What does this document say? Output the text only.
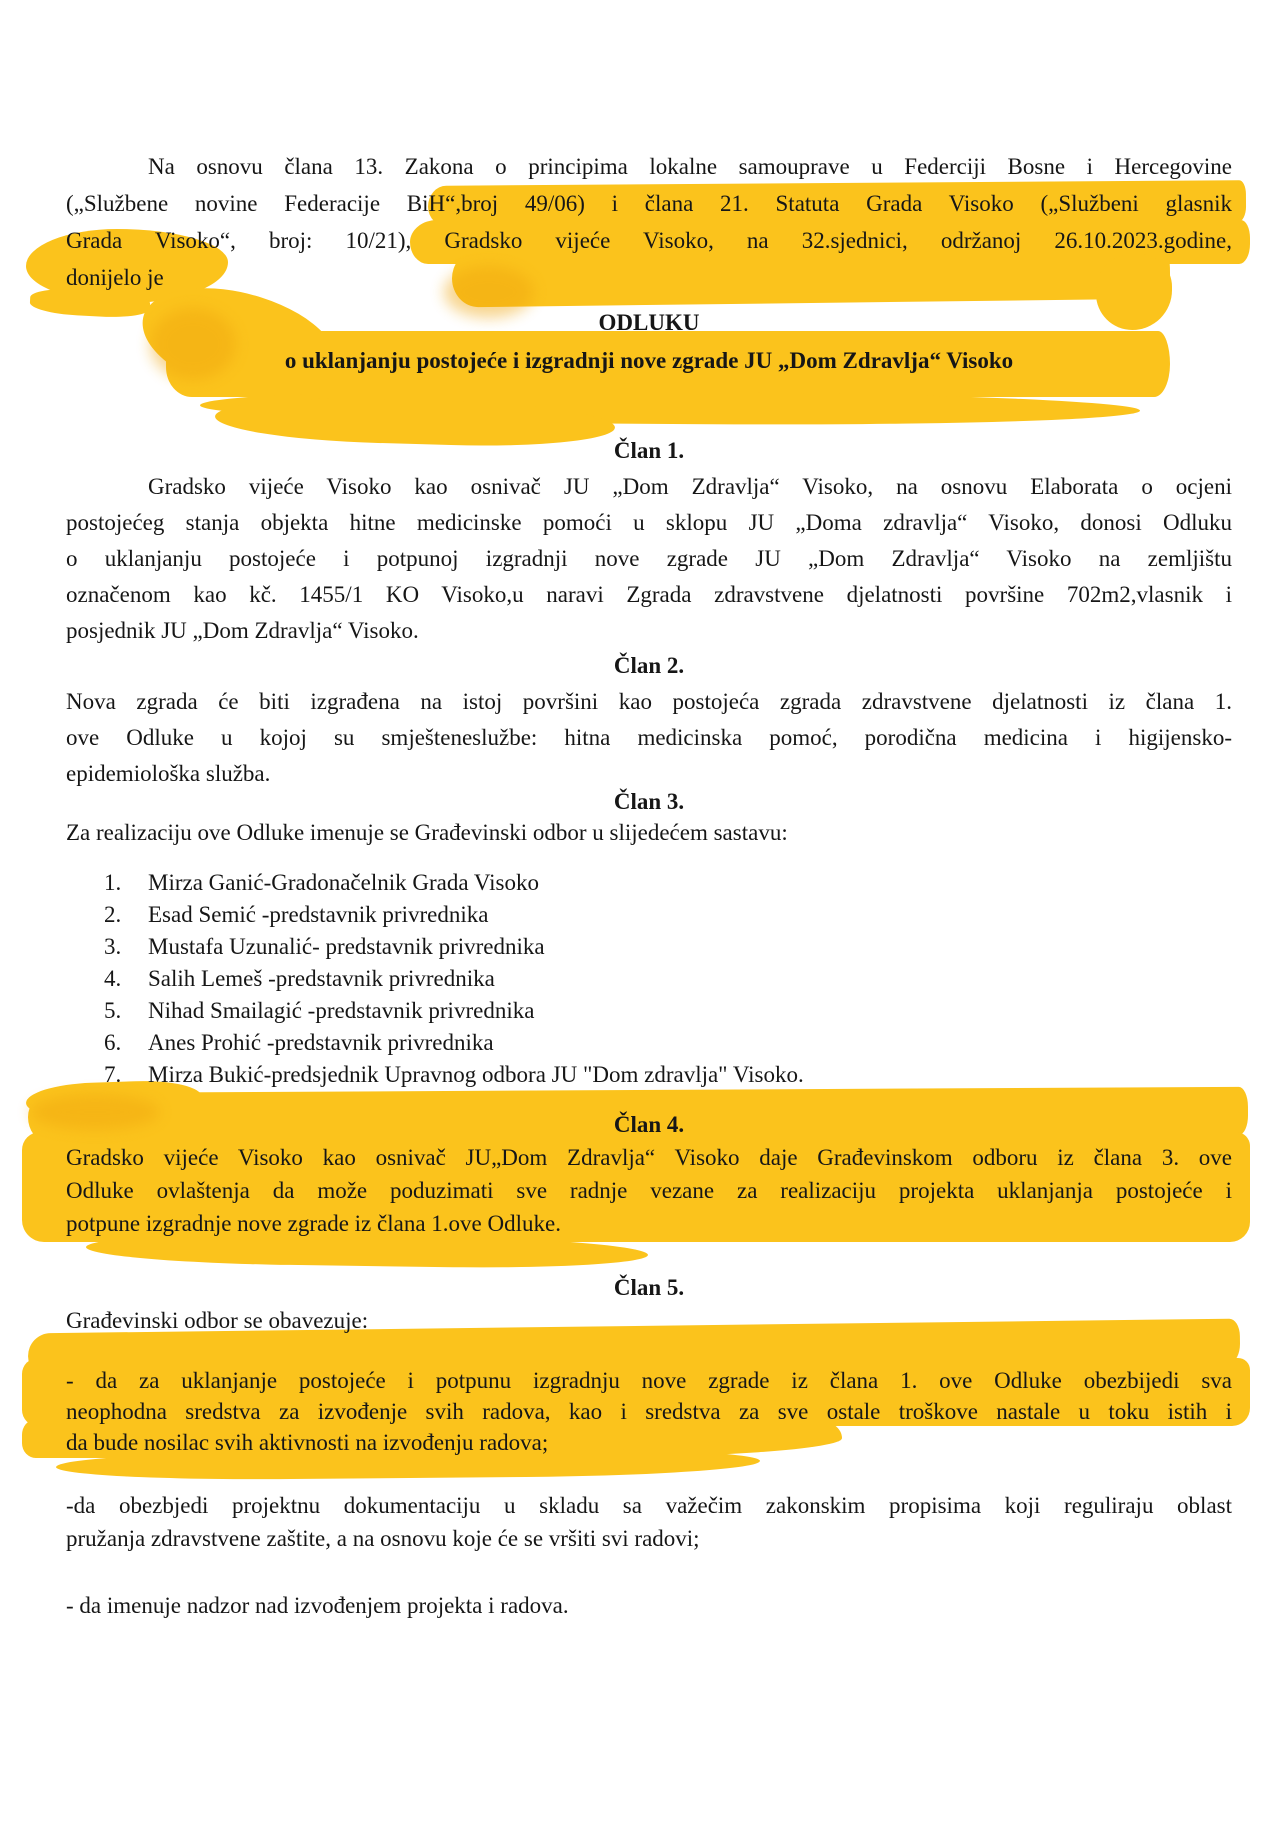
Na osnovu člana 13. Zakona o principima lokalne samouprave u Federciji Bosne i Hercegovine

(„Službene novine Federacije BiH“,broj 49/06) i člana 21. Statuta Grada Visoko („Službeni glasnik

Grada Visoko“, broj: 10/21), Gradsko vijeće Visoko, na 32.sjednici, održanoj 26.10.2023.godine,

donijelo je

ODLUKU

o uklanjanju postojeće i izgradnji nove zgrade JU „Dom Zdravlja“ Visoko

Član 1.

Gradsko vijeće Visoko kao osnivač JU „Dom Zdravlja“ Visoko, na osnovu Elaborata o ocjeni

postojećeg stanja objekta hitne medicinske pomoći u sklopu JU „Doma zdravlja“ Visoko, donosi Odluku

o uklanjanju postojeće i potpunoj izgradnji nove zgrade JU „Dom Zdravlja“ Visoko na zemljištu

označenom kao kč. 1455/1 KO Visoko,u naravi Zgrada zdravstvene djelatnosti površine 702m2,vlasnik i

posjednik JU „Dom Zdravlja“ Visoko.

Član 2.

Nova zgrada će biti izgrađena na istoj površini kao postojeća zgrada zdravstvene djelatnosti iz člana 1.

ove Odluke u kojoj su smješteneslužbe: hitna medicinska pomoć, porodična medicina i higijensko-

epidemiološka služba.

Član 3.

Za realizaciju ove Odluke imenuje se Građevinski odbor u slijedećem sastavu:

1. Mirza Ganić-Gradonačelnik Grada Visoko

2. Esad Semić -predstavnik privrednika

3. Mustafa Uzunalić- predstavnik privrednika

4. Salih Lemeš -predstavnik privrednika

5. Nihad Smailagić -predstavnik privrednika

6. Anes Prohić -predstavnik privrednika

7. Mirza Bukić-predsjednik Upravnog odbora JU "Dom zdravlja" Visoko.

Član 4.

Gradsko vijeće Visoko kao osnivač JU„Dom Zdravlja“ Visoko daje Građevinskom odboru iz člana 3. ove

Odluke ovlaštenja da može poduzimati sve radnje vezane za realizaciju projekta uklanjanja postojeće i

potpune izgradnje nove zgrade iz člana 1.ove Odluke.

Član 5.

Građevinski odbor se obavezuje:

- da za uklanjanje postojeće i potpunu izgradnju nove zgrade iz člana 1. ove Odluke obezbijedi sva

neophodna sredstva za izvođenje svih radova, kao i sredstva za sve ostale troškove nastale u toku istih i

da bude nosilac svih aktivnosti na izvođenju radova;

-da obezbjedi projektnu dokumentaciju u skladu sa važečim zakonskim propisima koji reguliraju oblast

pružanja zdravstvene zaštite, a na osnovu koje će se vršiti svi radovi;

- da imenuje nadzor nad izvođenjem projekta i radova.
